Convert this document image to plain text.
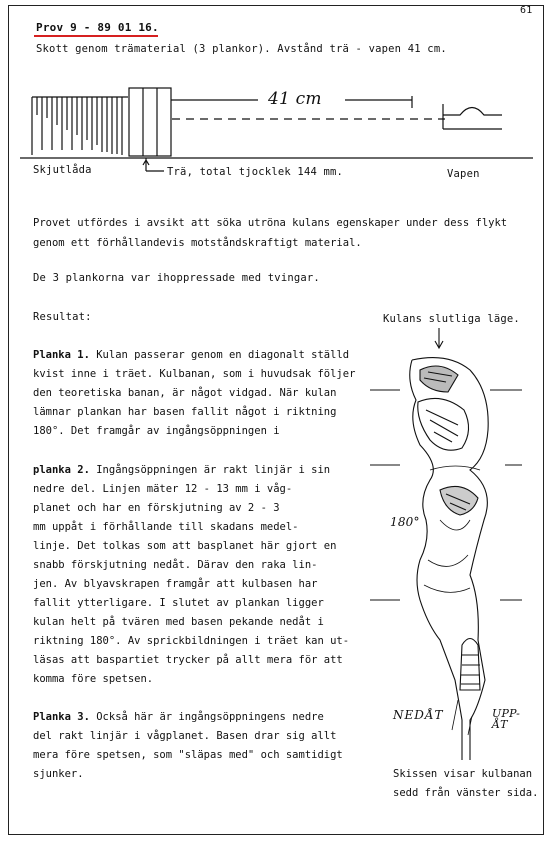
61
Prov 9 - 89 01 16.
Skott genom trämaterial (3 plankor). Avstånd trä - vapen 41 cm.
41 cm
Skjutlåda	Trä, total tjocklek 144 mm.	Vapen

Provet utfördes i avsikt att söka utröna kulans egenskaper under dess flykt

genom ett förhållandevis motståndskraftigt material.

De 3 plankorna var ihoppressade med tvingar.
Resultat:

Planka 1. Kulan passerar genom en diagonalt ställd

kvist inne i träet. Kulbanan, som i huvudsak följer

den teoretiska banan, är något vidgad. När kulan

lämnar plankan har basen fallit något i riktning

180°. Det framgår av ingångsöppningen i

planka 2. Ingångsöppningen är rakt linjär i sin

nedre del. Linjen mäter 12 - 13 mm i våg-

planet och har en förskjutning av 2 - 3

mm uppåt i förhållande till skadans medel-

linje. Det tolkas som att basplanet här gjort en

snabb förskjutning nedåt. Därav den raka lin-

jen. Av blyavskrapen framgår att kulbasen har

fallit ytterligare. I slutet av plankan ligger

kulan helt på tvären med basen pekande nedåt i

riktning 180°. Av sprickbildningen i träet kan ut-

läsas att baspartiet trycker på allt mera för att

komma före spetsen.

Planka 3. Också här är ingångsöppningens nedre

del rakt linjär i vågplanet. Basen drar sig allt

mera före spetsen, som "släpas med" och samtidigt

sjunker.

Kulans slutliga läge.
180°
NEDÅT	UPP-
ÅT

Skissen visar kulbanan

sedd från vänster sida.
